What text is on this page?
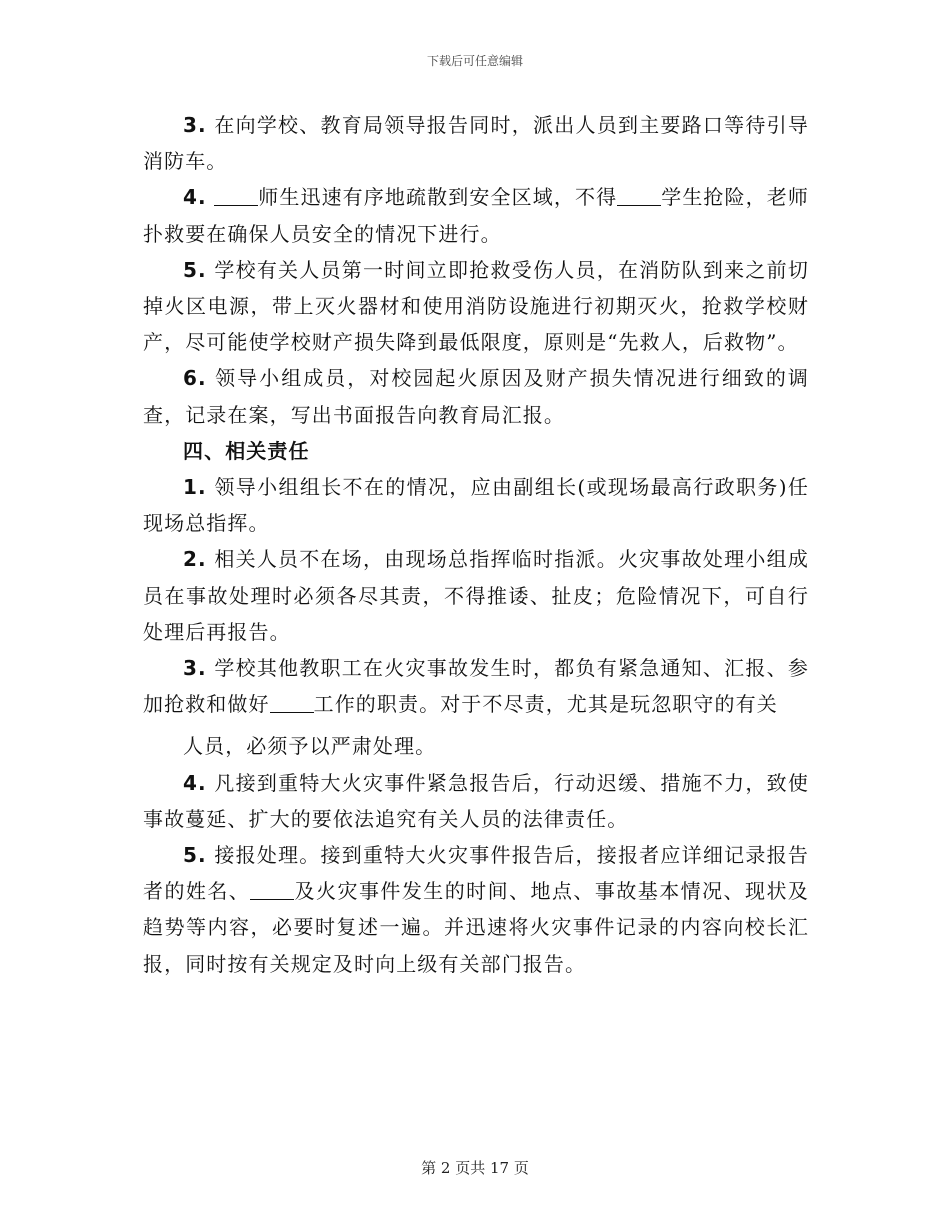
下载后可任意编辑

3. 在向学校、教育局领导报告同时，派出人员到主要路口等待引导消防车。

4.	师生迅速有序地疏散到安全区域，不得 学生抢险，老师扑救要在确保人员安全的情况下进行。

5. 学校有关人员第一时间立即抢救受伤人员，在消防队到来之前切掉火区电源，带上灭火器材和使用消防设施进行初期灭火，抢救学校财产，尽可能使学校财产损失降到最低限度，原则是“先救人，后救物”。

6. 领导小组成员，对校园起火原因及财产损失情况进行细致的调查，记录在案，写出书面报告向教育局汇报。

四、相关责任

1. 领导小组组长不在的情况，应由副组长(或现场最高行政职务)任现场总指挥。

2. 相关人员不在场，由现场总指挥临时指派。火灾事故处理小组成员在事故处理时必须各尽其责，不得推诿、扯皮；危险情况下，可自行处理后再报告。

3. 学校其他教职工在火灾事故发生时，都负有紧急通知、汇报、参加抢救和做好 工作的职责。对于不尽责，尤其是玩忽职守的有关

人员，必须予以严肃处理。

4. 凡接到重特大火灾事件紧急报告后，行动迟缓、措施不力，致使事故蔓延、扩大的要依法追究有关人员的法律责任。

5. 接报处理。接到重特大火灾事件报告后，接报者应详细记录报告者的姓名、 及火灾事件发生的时间、地点、事故基本情况、现状及趋势等内容，必要时复述一遍。并迅速将火灾事件记录的内容向校长汇报，同时按有关规定及时向上级有关部门报告。

第 2 页共 17 页
